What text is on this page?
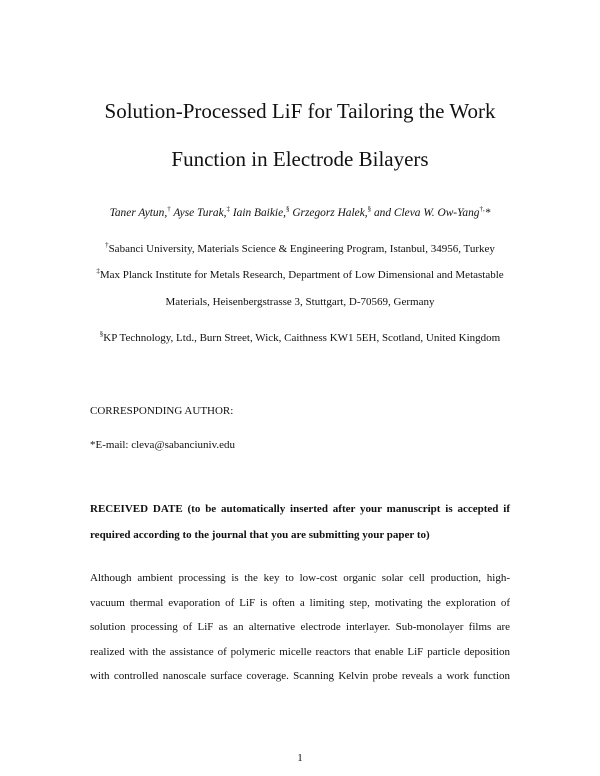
Solution-Processed LiF for Tailoring the Work
Function in Electrode Bilayers
Taner Aytun,† Ayse Turak,‡ Iain Baikie,§ Grzegorz Halek,§ and Cleva W. Ow-Yang†,*
†Sabanci University, Materials Science & Engineering Program, Istanbul, 34956, Turkey
‡Max Planck Institute for Metals Research, Department of Low Dimensional and Metastable
Materials, Heisenbergstrasse 3, Stuttgart, D-70569, Germany
§KP Technology, Ltd., Burn Street, Wick, Caithness KW1 5EH, Scotland, United Kingdom
CORRESPONDING AUTHOR:
*E-mail: cleva@sabanciuniv.edu
RECEIVED DATE (to be automatically inserted after your manuscript is accepted if
required according to the journal that you are submitting your paper to)
Although ambient processing is the key to low-cost organic solar cell production, high-
vacuum thermal evaporation of LiF is often a limiting step, motivating the exploration of
solution processing of LiF as an alternative electrode interlayer. Sub-monolayer films are
realized with the assistance of polymeric micelle reactors that enable LiF particle deposition
with controlled nanoscale surface coverage. Scanning Kelvin probe reveals a work function
1
